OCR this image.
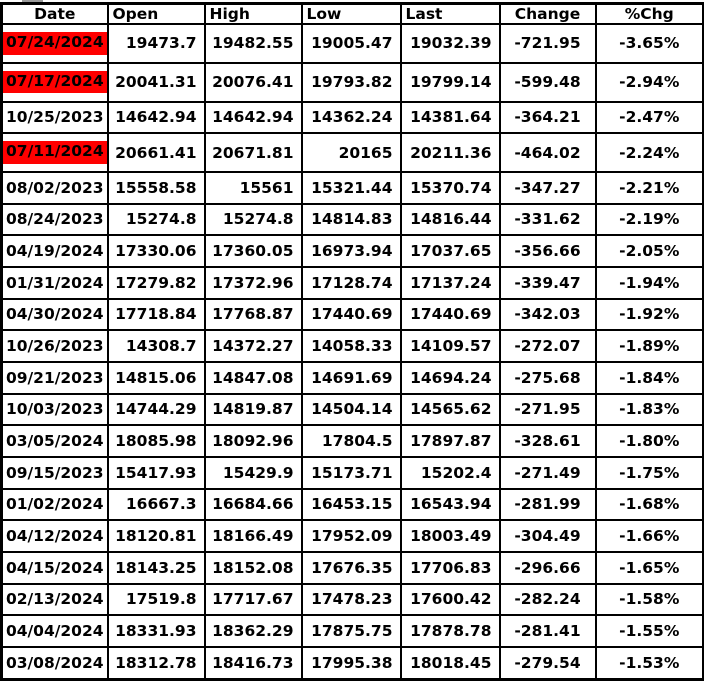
Date	Open	High	Low	Last	Change	%Chg
07/24/2024	19473.7	19482.55	19005.47	19032.39	-721.95	-3.65%
07/17/2024	20041.31	20076.41	19793.82	19799.14	-599.48	-2.94%
10/25/2023	14642.94	14642.94	14362.24	14381.64	-364.21	-2.47%
07/11/2024	20661.41	20671.81	20165	20211.36	-464.02	-2.24%
08/02/2023	15558.58	15561	15321.44	15370.74	-347.27	-2.21%
08/24/2023	15274.8	15274.8	14814.83	14816.44	-331.62	-2.19%
04/19/2024	17330.06	17360.05	16973.94	17037.65	-356.66	-2.05%
01/31/2024	17279.82	17372.96	17128.74	17137.24	-339.47	-1.94%
04/30/2024	17718.84	17768.87	17440.69	17440.69	-342.03	-1.92%
10/26/2023	14308.7	14372.27	14058.33	14109.57	-272.07	-1.89%
09/21/2023	14815.06	14847.08	14691.69	14694.24	-275.68	-1.84%
10/03/2023	14744.29	14819.87	14504.14	14565.62	-271.95	-1.83%
03/05/2024	18085.98	18092.96	17804.5	17897.87	-328.61	-1.80%
09/15/2023	15417.93	15429.9	15173.71	15202.4	-271.49	-1.75%
01/02/2024	16667.3	16684.66	16453.15	16543.94	-281.99	-1.68%
04/12/2024	18120.81	18166.49	17952.09	18003.49	-304.49	-1.66%
04/15/2024	18143.25	18152.08	17676.35	17706.83	-296.66	-1.65%
02/13/2024	17519.8	17717.67	17478.23	17600.42	-282.24	-1.58%
04/04/2024	18331.93	18362.29	17875.75	17878.78	-281.41	-1.55%
03/08/2024	18312.78	18416.73	17995.38	18018.45	-279.54	-1.53%
